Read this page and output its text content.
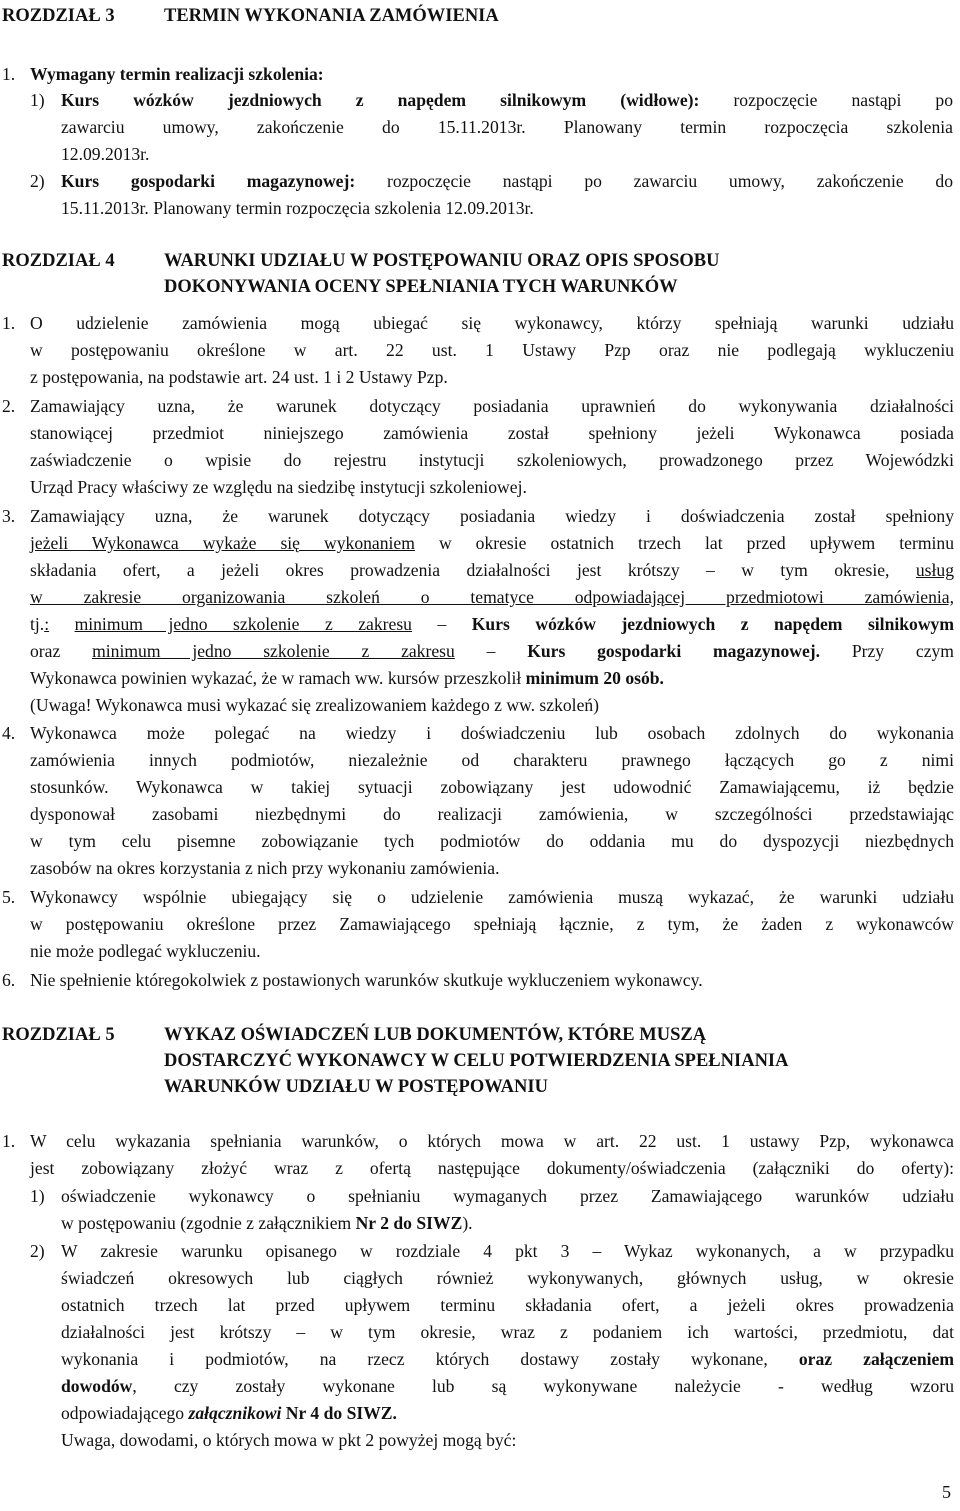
ROZDZIAŁ 3	TERMIN WYKONANIA ZAMÓWIENIA
1. Wymagany termin realizacji szkolenia:
1) Kurs wózków jezdniowych z napędem silnikowym (widłowe): rozpoczęcie nastąpi po
zawarciu umowy, zakończenie do 15.11.2013r. Planowany termin rozpoczęcia szkolenia
12.09.2013r.
2) Kurs gospodarki magazynowej: rozpoczęcie nastąpi po zawarciu umowy, zakończenie do
15.11.2013r. Planowany termin rozpoczęcia szkolenia 12.09.2013r.
ROZDZIAŁ 4	WARUNKI UDZIAŁU W POSTĘPOWANIU ORAZ OPIS SPOSOBU
DOKONYWANIA OCENY SPEŁNIANIA TYCH WARUNKÓW
1. O udzielenie zamówienia mogą ubiegać się wykonawcy, którzy spełniają warunki udziału
w postępowaniu określone w art. 22 ust. 1 Ustawy Pzp oraz nie podlegają wykluczeniu
z postępowania, na podstawie art. 24 ust. 1 i 2 Ustawy Pzp.
2. Zamawiający uzna, że warunek dotyczący posiadania uprawnień do wykonywania działalności
stanowiącej przedmiot niniejszego zamówienia został spełniony jeżeli Wykonawca posiada
zaświadczenie o wpisie do rejestru instytucji szkoleniowych, prowadzonego przez Wojewódzki
Urząd Pracy właściwy ze względu na siedzibę instytucji szkoleniowej.
3. Zamawiający uzna, że warunek dotyczący posiadania wiedzy i doświadczenia został spełniony
jeżeli Wykonawca wykaże się wykonaniem w okresie ostatnich trzech lat przed upływem terminu
składania ofert, a jeżeli okres prowadzenia działalności jest krótszy – w tym okresie, usług
w zakresie organizowania szkoleń o tematyce odpowiadającej przedmiotowi zamówienia,
tj.: minimum jedno szkolenie z zakresu – Kurs wózków jezdniowych z napędem silnikowym
oraz minimum jedno szkolenie z zakresu – Kurs gospodarki magazynowej. Przy czym
Wykonawca powinien wykazać, że w ramach ww. kursów przeszkolił minimum 20 osób.
(Uwaga! Wykonawca musi wykazać się zrealizowaniem każdego z ww. szkoleń)
4. Wykonawca może polegać na wiedzy i doświadczeniu lub osobach zdolnych do wykonania
zamówienia innych podmiotów, niezależnie od charakteru prawnego łączących go z nimi
stosunków. Wykonawca w takiej sytuacji zobowiązany jest udowodnić Zamawiającemu, iż będzie
dysponował zasobami niezbędnymi do realizacji zamówienia, w szczególności przedstawiając
w tym celu pisemne zobowiązanie tych podmiotów do oddania mu do dyspozycji niezbędnych
zasobów na okres korzystania z nich przy wykonaniu zamówienia.
5. Wykonawcy wspólnie ubiegający się o udzielenie zamówienia muszą wykazać, że warunki udziału
w postępowaniu określone przez Zamawiającego spełniają łącznie, z tym, że żaden z wykonawców
nie może podlegać wykluczeniu.
6. Nie spełnienie któregokolwiek z postawionych warunków skutkuje wykluczeniem wykonawcy.
ROZDZIAŁ 5	WYKAZ OŚWIADCZEŃ LUB DOKUMENTÓW, KTÓRE MUSZĄ
DOSTARCZYĆ WYKONAWCY W CELU POTWIERDZENIA SPEŁNIANIA
WARUNKÓW UDZIAŁU W POSTĘPOWANIU
1. W celu wykazania spełniania warunków, o których mowa w art. 22 ust. 1 ustawy Pzp, wykonawca
jest zobowiązany złożyć wraz z ofertą następujące dokumenty/oświadczenia (załączniki do oferty):
1) oświadczenie wykonawcy o spełnianiu wymaganych przez Zamawiającego warunków udziału
w postępowaniu (zgodnie z załącznikiem Nr 2 do SIWZ).
2) W zakresie warunku opisanego w rozdziale 4 pkt 3 – Wykaz wykonanych, a w przypadku
świadczeń okresowych lub ciągłych również wykonywanych, głównych usług, w okresie
ostatnich trzech lat przed upływem terminu składania ofert, a jeżeli okres prowadzenia
działalności jest krótszy – w tym okresie, wraz z podaniem ich wartości, przedmiotu, dat
wykonania i podmiotów, na rzecz których dostawy zostały wykonane, oraz załączeniem
dowodów, czy zostały wykonane lub są wykonywane należycie - według wzoru
odpowiadającego załącznikowi Nr 4 do SIWZ.
Uwaga, dowodami, o których mowa w pkt 2 powyżej mogą być:
5
